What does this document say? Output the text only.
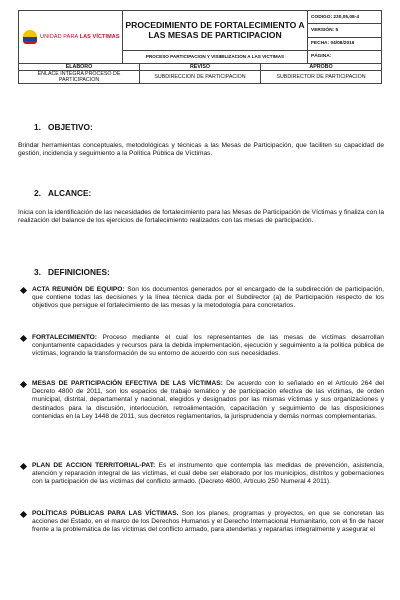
UNIDAD PARA LAS VÍCTIMAS	PROCEDIMIENTO DE FORTALECIMIENTO A
LAS MESAS DE PARTICIPACION	CODIGO: 230,05,08-4
		VERSIÓN: 5
		FECHA: 04/08/2016
	PROCESO PARTICIPACION Y VISIBILIZACION A LAS VICTIMAS	PÁGINA:
ELABORO	REVISO	APROBO
ENLACE INTEGRA PROCESO DE PARTICIPACION	SUBDIRECCION DE PARTICIPACION	SUBDIRECTOR DE PARTICIPACION
1. OBJETIVO:
Brindar herramientas conceptuales, metodológicas y técnicas a las Mesas de Participación, que faciliten su capacidad de gestión, incidencia y seguimiento a la Política Pública de Víctimas.
2. ALCANCE:
Inicia con la identificación de las necesidades de fortalecimiento para las Mesas de Participación de Víctimas y finaliza con la realización del balance de los ejercicios de fortalecimiento realizados con las mesas de participación.
3. DEFINICIONES:
ACTA REUNIÓN DE EQUIPO: Son los documentos generados por el encargado de la subdirección de participación, que contiene todas las decisiones y la línea técnica dada por el Subdirector (a) de Participación respecto de los objetivos que persigue el fortalecimiento de las mesas y la metodología para concretarlos.
FORTALECIMIENTO: Proceso mediante el cual los representantes de las mesas de víctimas desarrollan conjuntamente capacidades y recursos para la debida implementación, ejecución y seguimiento a la política pública de víctimas, logrando la transformación de su entorno de acuerdo con sus necesidades.
MESAS DE PARTICIPACIÓN EFECTIVA DE LAS VÍCTIMAS: De acuerdo con lo señalado en el Artículo 264 del Decreto 4800 de 2011, son los espacios de trabajo temático y de participación efectiva de las víctimas, de orden municipal, distrital, departamental y nacional, elegidos y designados por las mismas víctimas y sus organizaciones y destinados para la discusión, interlocución, retroalimentación, capacitación y seguimiento de las disposiciones contenidas en la Ley 1448 de 2011, sus decretos reglamentarios, la jurisprudencia y demás normas complementarias.
PLAN DE ACCION TERRITORIAL-PAT: Es el instrumento que contempla las medidas de prevención, asistencia, atención y reparación integral de las víctimas, el cual debe ser elaborado por los municipios, distritos y gobernaciones con la participación de las víctimas del conflicto armado. (Decreto 4800, Artículo 250 Numeral 4 2011).
POLÍTICAS PÚBLICAS PARA LAS VÍCTIMAS. Son los planes, programas y proyectos, en que se concretan las acciones del Estado, en el marco de los Derechos Humanos y el Derecho Internacional Humanitario, con el fin de hacer frente a la problemática de las víctimas del conflicto armado, para atenderlas y repararlas integralmente y asegurar el
